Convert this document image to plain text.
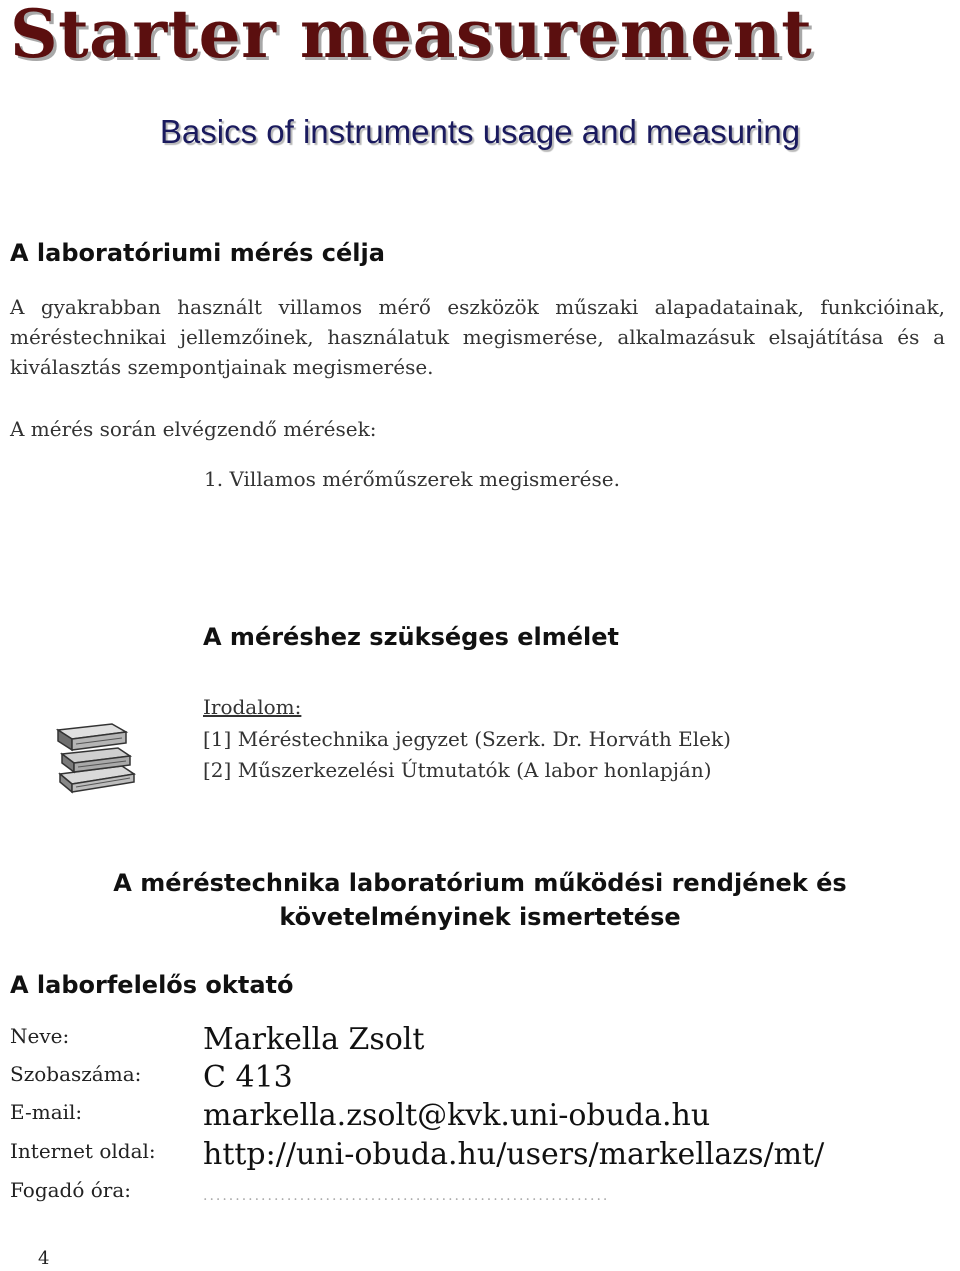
Starter measurement
Basics of instruments usage and measuring
A laboratóriumi mérés célja
A gyakrabban használt villamos mérő eszközök műszaki alapadatainak, funkcióinak, méréstechnikai jellemzőinek, használatuk megismerése, alkalmazásuk elsajátítása és a kiválasztás szempontjainak megismerése.
A mérés során elvégzendő mérések:
1. Villamos mérőműszerek megismerése.
A méréshez szükséges elmélet
Irodalom:
[1] Méréstechnika jegyzet (Szerk. Dr. Horváth Elek)
[2] Műszerkezelési Útmutatók (A labor honlapján)
A méréstechnika laboratórium működési rendjének és
követelményinek ismertetése
A laborfelelős oktató
Neve:	Markella Zsolt
Szobaszáma: C 413
E-mail:	markella.zsolt@kvk.uni-obuda.hu
Internet oldal: http://uni-obuda.hu/users/markellazs/mt/
Fogadó óra:	...............................................................
4
